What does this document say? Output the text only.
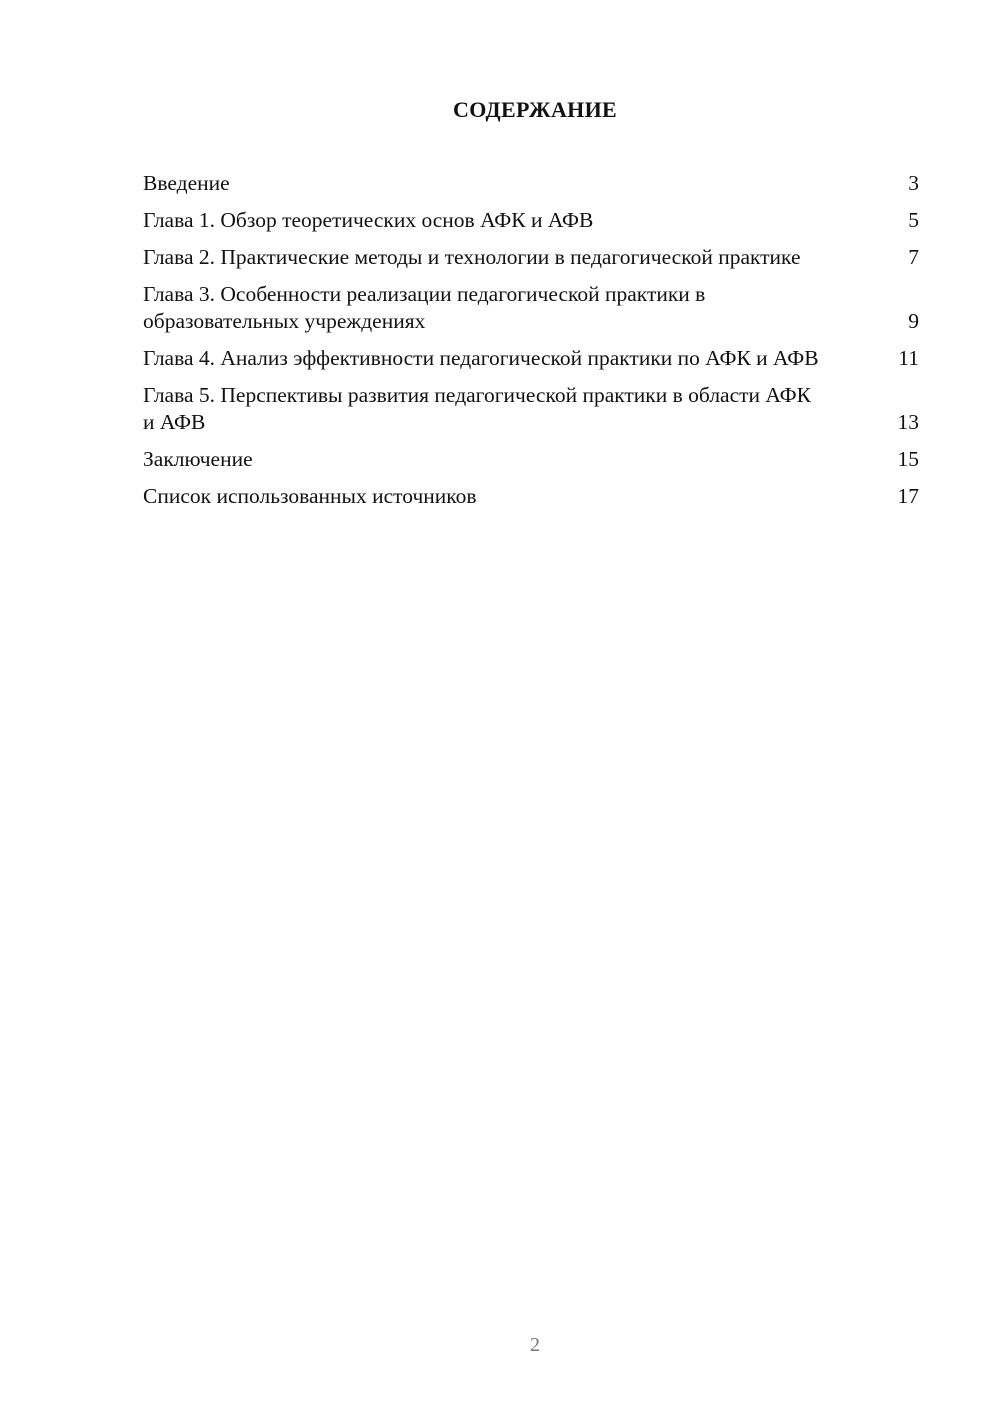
СОДЕРЖАНИЕ
Введение	3
Глава 1. Обзор теоретических основ АФК и АФВ	5
Глава 2. Практические методы и технологии в педагогической практике	7
Глава 3. Особенности реализации педагогической практики в образовательных учреждениях	9
Глава 4. Анализ эффективности педагогической практики по АФК и АФВ	11
Глава 5. Перспективы развития педагогической практики в области АФК и АФВ	13
Заключение	15
Список использованных источников	17
2
